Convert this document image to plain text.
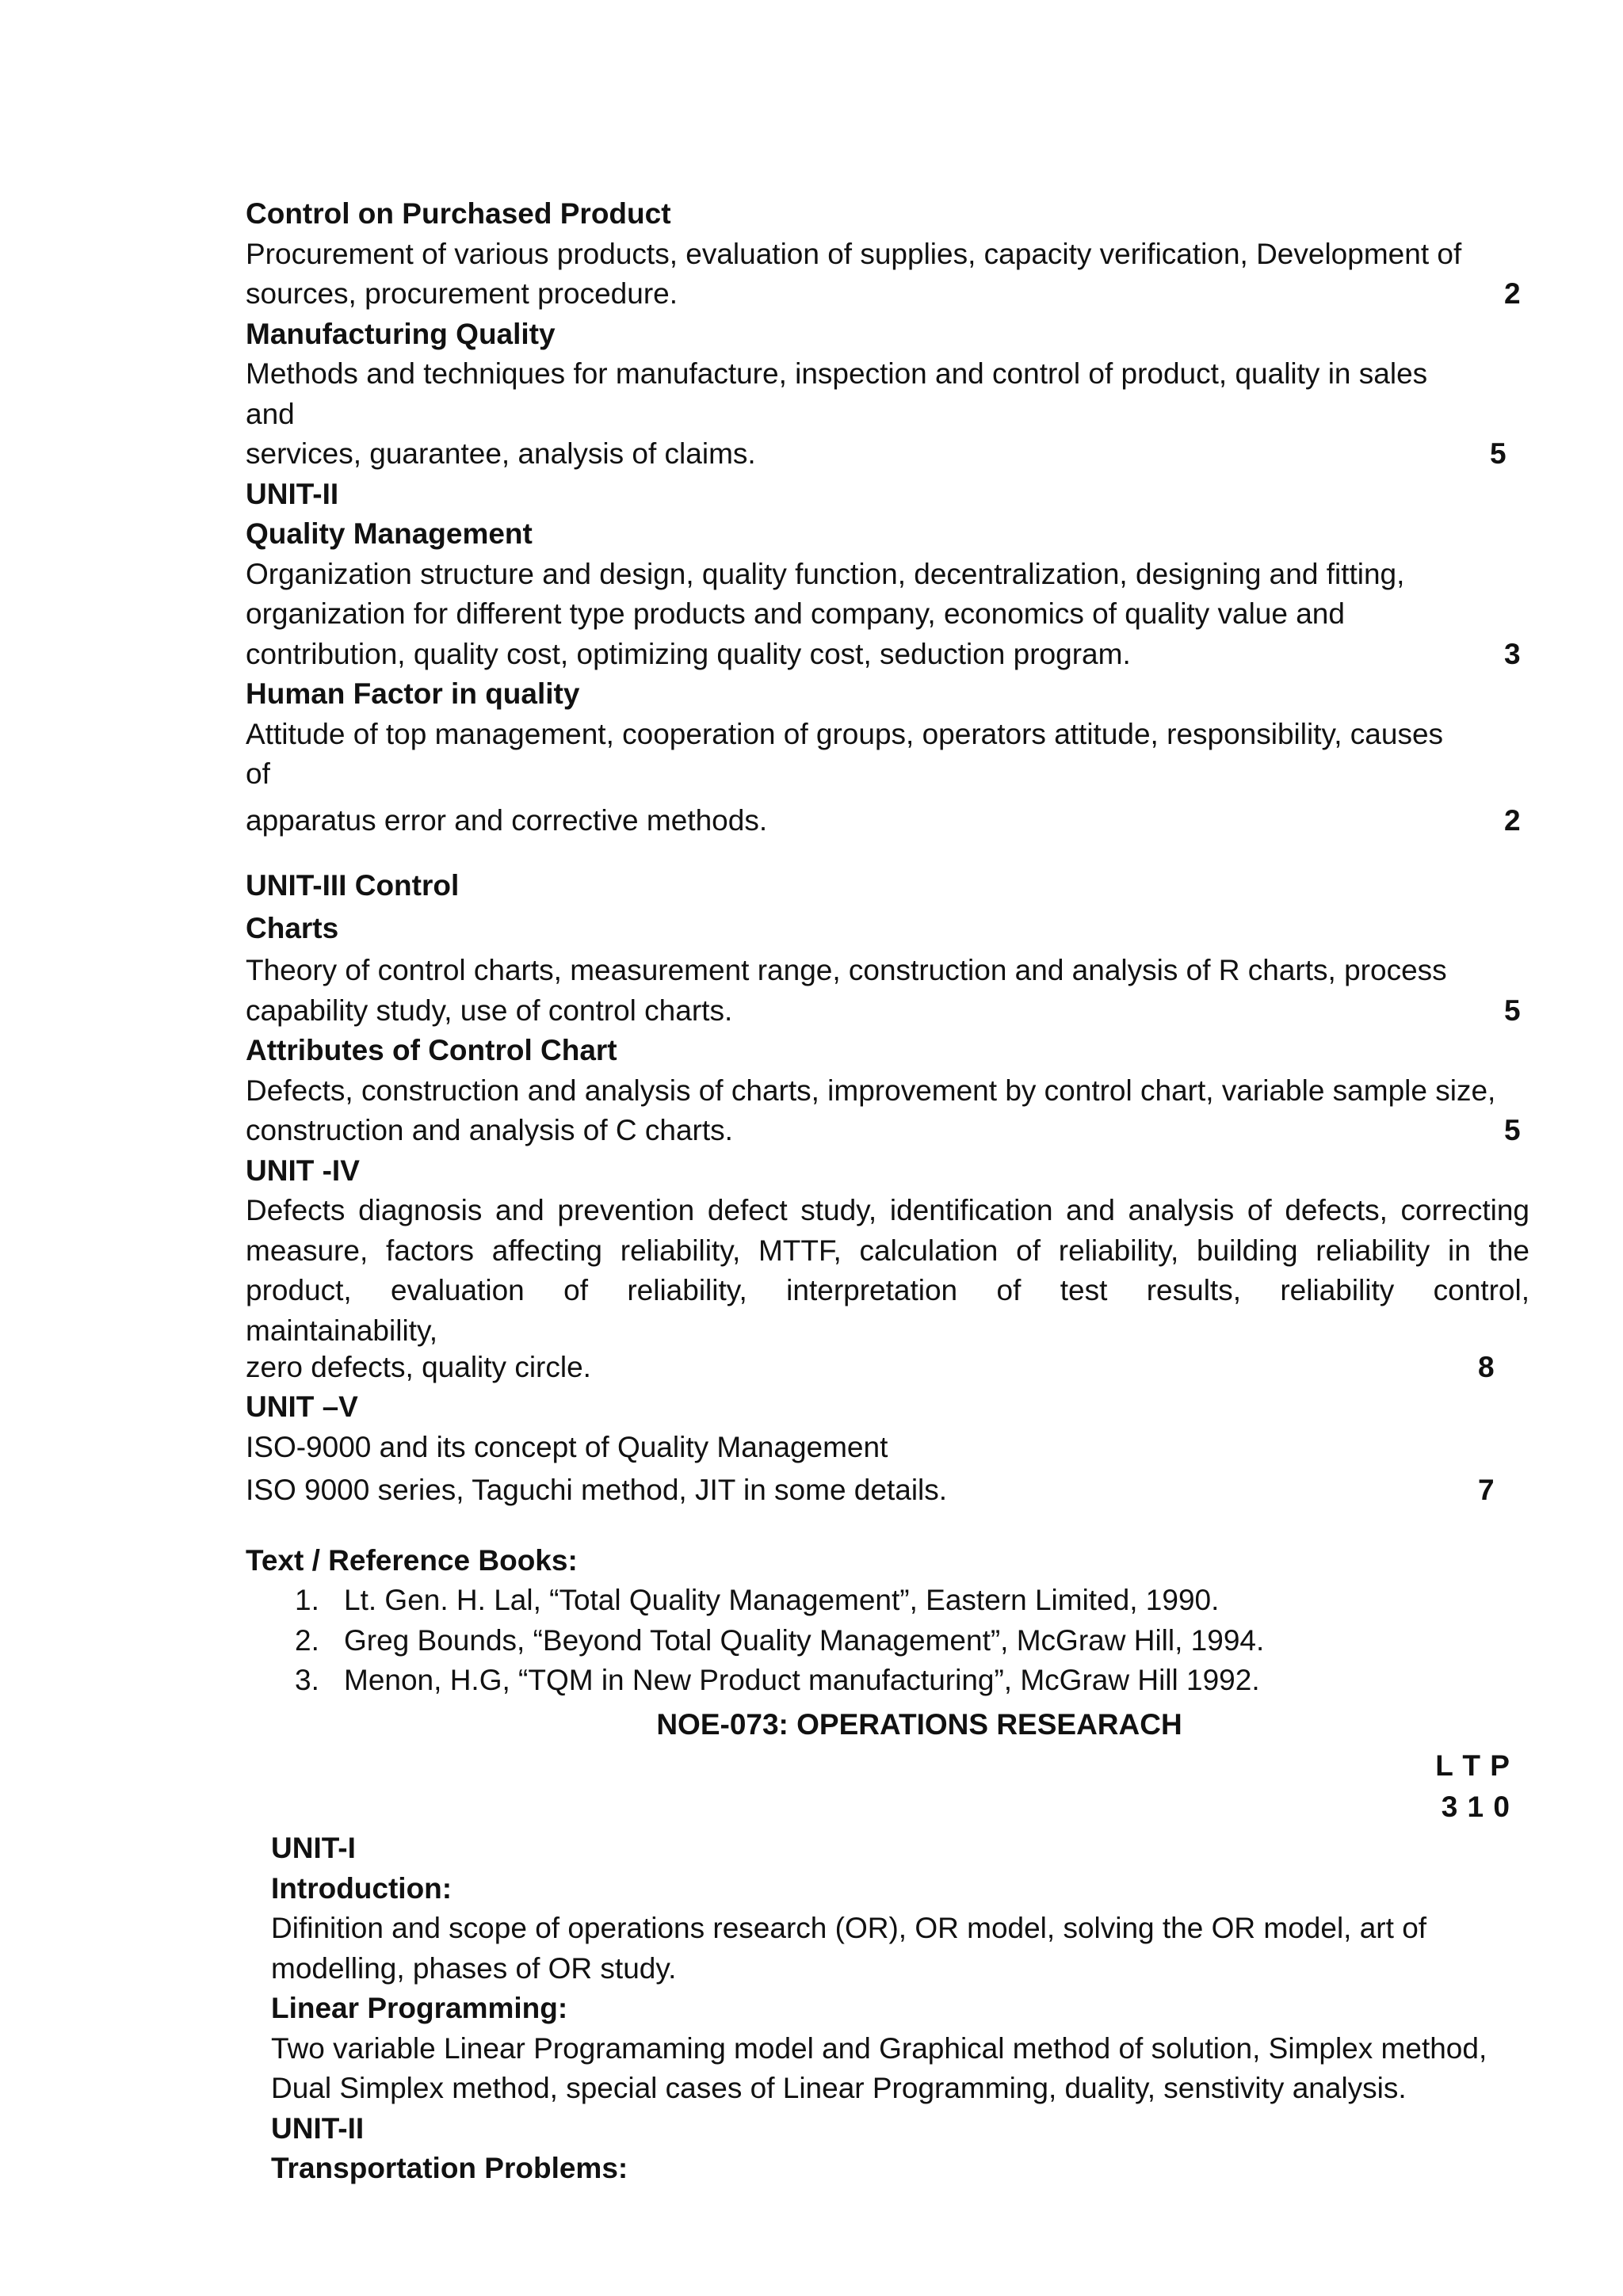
Control on Purchased Product
Procurement of various products, evaluation of supplies, capacity verification, Development of
sources, procurement procedure.	2
Manufacturing Quality
Methods and techniques for manufacture, inspection and control of product, quality in sales
and
services, guarantee, analysis of claims.	5
UNIT-II
Quality Management
Organization structure and design, quality function, decentralization, designing and fitting,
organization for different type products and company, economics of quality value and
contribution, quality cost, optimizing quality cost, seduction program.	3
Human Factor in quality
Attitude of top management, cooperation of groups, operators attitude, responsibility, causes
of
apparatus error and corrective methods.	2
UNIT-III Control
Charts
Theory of control charts, measurement range, construction and analysis of R charts, process
capability study, use of control charts.	5
Attributes of Control Chart
Defects, construction and analysis of charts, improvement by control chart, variable sample size,
construction and analysis of C charts.	5
UNIT -IV
Defects diagnosis and prevention defect study, identification and analysis of defects, correcting
measure, factors affecting reliability, MTTF, calculation of reliability, building reliability in the
product, evaluation of reliability, interpretation of test results, reliability control,
maintainability,
zero defects, quality circle.	8
UNIT –V
ISO-9000 and its concept of Quality Management
ISO 9000 series, Taguchi method, JIT in some details.	7
Text / Reference Books:
1. Lt. Gen. H. Lal, “Total Quality Management”, Eastern Limited, 1990.
2. Greg Bounds, “Beyond Total Quality Management”, McGraw Hill, 1994.
3. Menon, H.G, “TQM in New Product manufacturing”, McGraw Hill 1992.
NOE-073: OPERATIONS RESEARACH
L T P
3 1 0
UNIT-I
Introduction:
Difinition and scope of operations research (OR), OR model, solving the OR model, art of
modelling, phases of OR study.
Linear Programming:
Two variable Linear Programaming model and Graphical method of solution, Simplex method,
Dual Simplex method, special cases of Linear Programming, duality, senstivity analysis.
UNIT-II
Transportation Problems:
